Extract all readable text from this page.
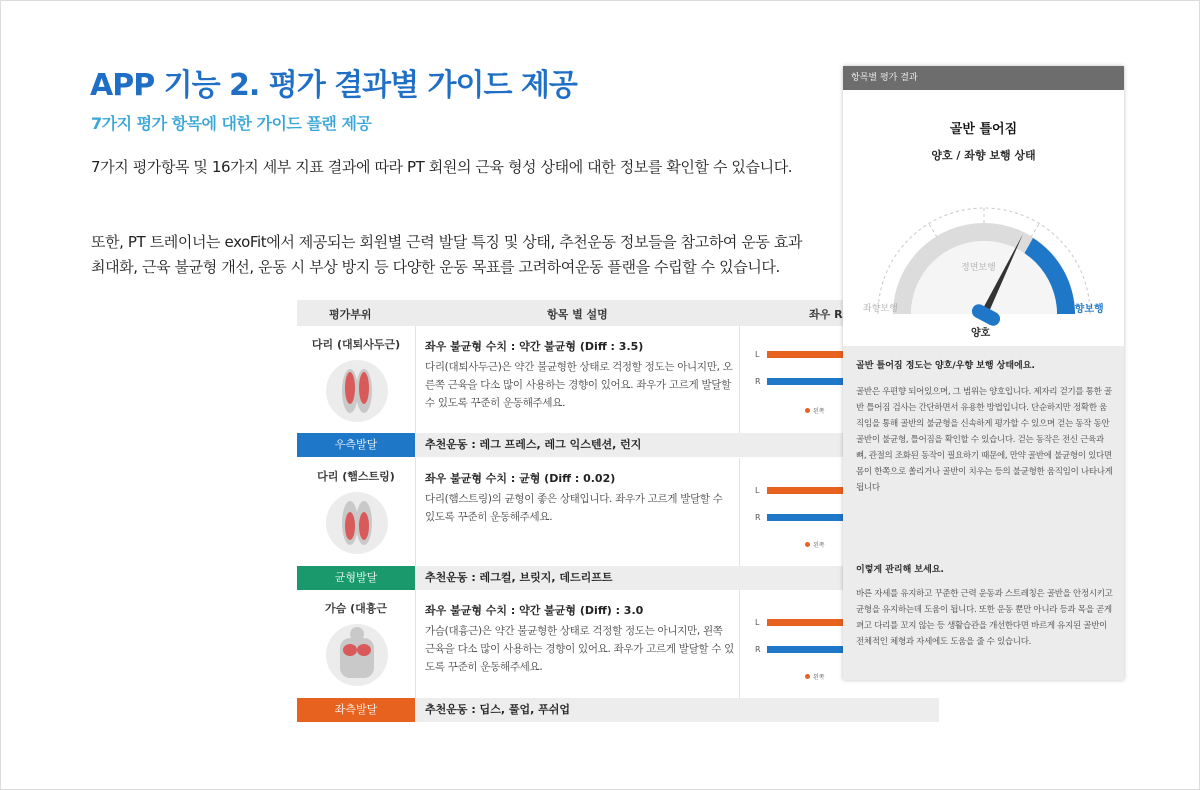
APP 기능 2. 평가 결과별 가이드 제공
7가지 평가 항목에 대한 가이드 플랜 제공
7가지 평가항목 및 16가지 세부 지표 결과에 따라 PT 회원의 근육 형성 상태에 대한 정보를 확인할 수 있습니다.
또한, PT 트레이너는 exoFit에서 제공되는 회원별 근력 발달 특징 및 상태, 추천운동 정보들을 참고하여 운동 효과 최대화, 근육 불균형 개선, 운동 시 부상 방지 등 다양한 운동 목표를 고려하여운동 플랜을 수립할 수 있습니다.
평가부위	항목 별 설명	좌우 R
다리 (대퇴사두근)	좌우 불균형 수치 : 약간 불균형 (Diff : 3.5)
다리(대퇴사두근)은 약간 불균형한 상태로 걱정할 정도는 아니지만, 오른쪽 근육을 다소 많이 사용하는 경향이 있어요. 좌우가 고르게 발달할 수 있도록 꾸준히 운동해주세요.
L
R
왼쪽
우측발달	추천운동 : 레그 프레스, 레그 익스텐션, 런지
다리 (햄스트링)	좌우 불균형 수치 : 균형 (Diff : 0.02)
다리(햄스트링)의 균형이 좋은 상태입니다. 좌우가 고르게 발달할 수 있도록 꾸준히 운동해주세요.
L
R
왼쪽
균형발달	추천운동 : 레그컬, 브릿지, 데드리프트
가슴 (대흉근	좌우 불균형 수치 : 약간 불균형 (Diff) : 3.0
가슴(대흉근)은 약간 불균형한 상태로 걱정할 정도는 아니지만, 왼쪽 근육을 다소 많이 사용하는 경향이 있어요. 좌우가 고르게 발달할 수 있도록 꾸준히 운동해주세요.
L
R
왼쪽
좌측발달	추천운동 : 딥스, 풀업, 푸쉬업
항목별 평가 결과
골반 틀어짐
양호 / 좌향 보행 상태
좌향보행
정면보행
우향보행
양호
골반 틀어짐 정도는 양호/우향 보행 상태에요.
골반은 우편향 되어있으며, 그 범위는 양호입니다. 제자리 걷기를 통한 골반 틀어짐 검사는 간단하면서 유용한 방법입니다. 단순하지만 정확한 움직임을 통해 골반의 불균형을 신속하게 평가할 수 있으며 걷는 동작 동안 골반이 불균형, 틀어짐을 확인할 수 있습니다. 걷는 동작은 전신 근육과 뼈, 관절의 조화된 동작이 필요하기 때문에, 만약 골반에 불균형이 있다면 몸이 한쪽으로 쏠리거나 골반이 치우는 등의 불균형한 움직임이 나타나게 됩니다
이렇게 관리해 보세요.
바른 자세를 유지하고 꾸준한 근력 운동과 스트레칭은 골반을 안정시키고 균형을 유지하는데 도움이 됩니다. 또한 운동 뿐만 아니라 등과 목을 곧게 펴고 다리를 꼬지 않는 등 생활습관을 개선한다면 바르게 유지된 골반이 전체적인 체형과 자세에도 도움을 줄 수 있습니다.
